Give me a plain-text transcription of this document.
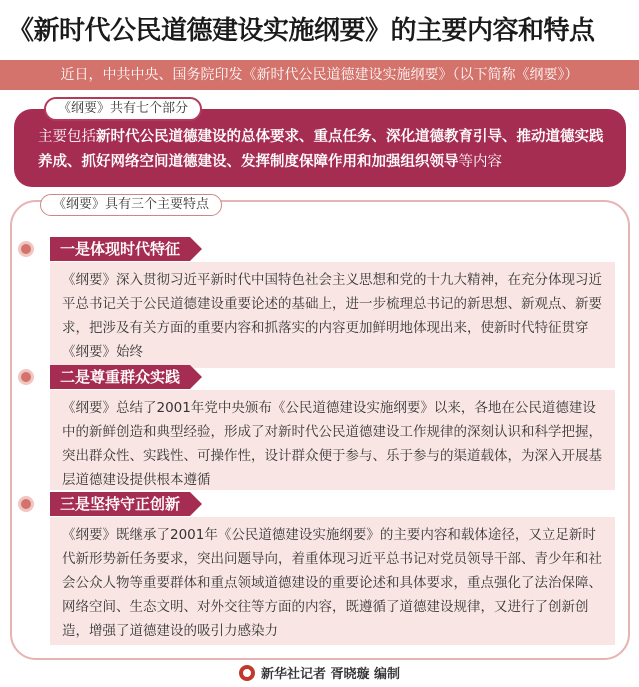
《新时代公民道德建设实施纲要》的主要内容和特点
近日，中共中央、国务院印发《新时代公民道德建设实施纲要》（以下简称《纲要》）
《纲要》共有七个部分
主要包括新时代公民道德建设的总体要求、重点任务、深化道德教育引导、推动道德实践养成、抓好网络空间道德建设、发挥制度保障作用和加强组织领导等内容
《纲要》具有三个主要特点
一是体现时代特征
《纲要》深入贯彻习近平新时代中国特色社会主义思想和党的十九大精神，在充分体现习近平总书记关于公民道德建设重要论述的基础上，进一步梳理总书记的新思想、新观点、新要求，把涉及有关方面的重要内容和抓落实的内容更加鲜明地体现出来，使新时代特征贯穿《纲要》始终
二是尊重群众实践
《纲要》总结了2001年党中央颁布《公民道德建设实施纲要》以来，各地在公民道德建设中的新鲜创造和典型经验，形成了对新时代公民道德建设工作规律的深刻认识和科学把握，突出群众性、实践性、可操作性，设计群众便于参与、乐于参与的渠道载体，为深入开展基层道德建设提供根本遵循
三是坚持守正创新
《纲要》既继承了2001年《公民道德建设实施纲要》的主要内容和载体途径，又立足新时代新形势新任务要求，突出问题导向，着重体现习近平总书记对党员领导干部、青少年和社会公众人物等重要群体和重点领域道德建设的重要论述和具体要求，重点强化了法治保障、网络空间、生态文明、对外交往等方面的内容，既遵循了道德建设规律，又进行了创新创造，增强了道德建设的吸引力感染力
新华社记者 胥晓璇 编制
